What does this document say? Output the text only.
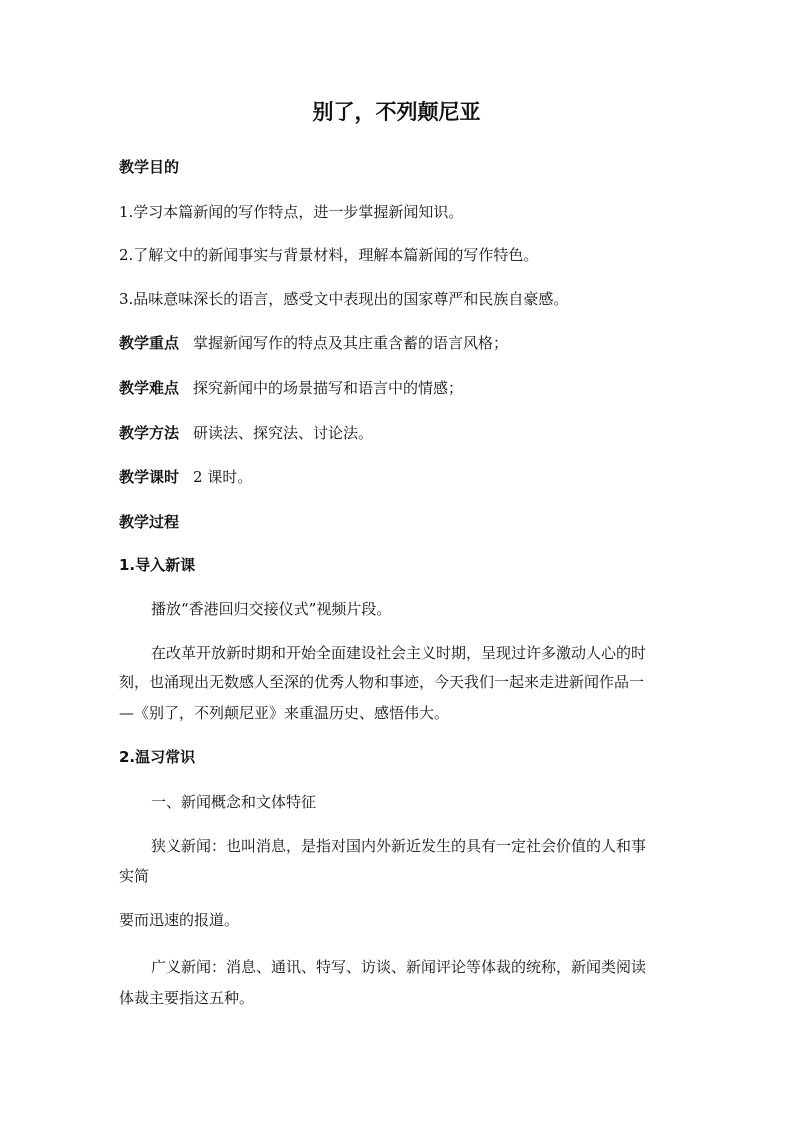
别了，不列颠尼亚
教学目的
1.学习本篇新闻的写作特点，进一步掌握新闻知识。
2.了解文中的新闻事实与背景材料，理解本篇新闻的写作特色。
3.品味意味深长的语言，感受文中表现出的国家尊严和民族自豪感。
教学重点 掌握新闻写作的特点及其庄重含蓄的语言风格；
教学难点 探究新闻中的场景描写和语言中的情感；
教学方法 研读法、探究法、讨论法。
教学课时 2 课时。
教学过程
1.导入新课
播放“香港回归交接仪式”视频片段。
在改革开放新时期和开始全面建设社会主义时期，呈现过许多激动人心的时
刻，也涌现出无数感人至深的优秀人物和事迹，今天我们一起来走进新闻作品一
—《别了，不列颠尼亚》来重温历史、感悟伟大。
2.温习常识
一、新闻概念和文体特征
狭义新闻：也叫消息，是指对国内外新近发生的具有一定社会价值的人和事
实简
要而迅速的报道。
广义新闻：消息、通讯、特写、访谈、新闻评论等体裁的统称，新闻类阅读
体裁主要指这五种。
